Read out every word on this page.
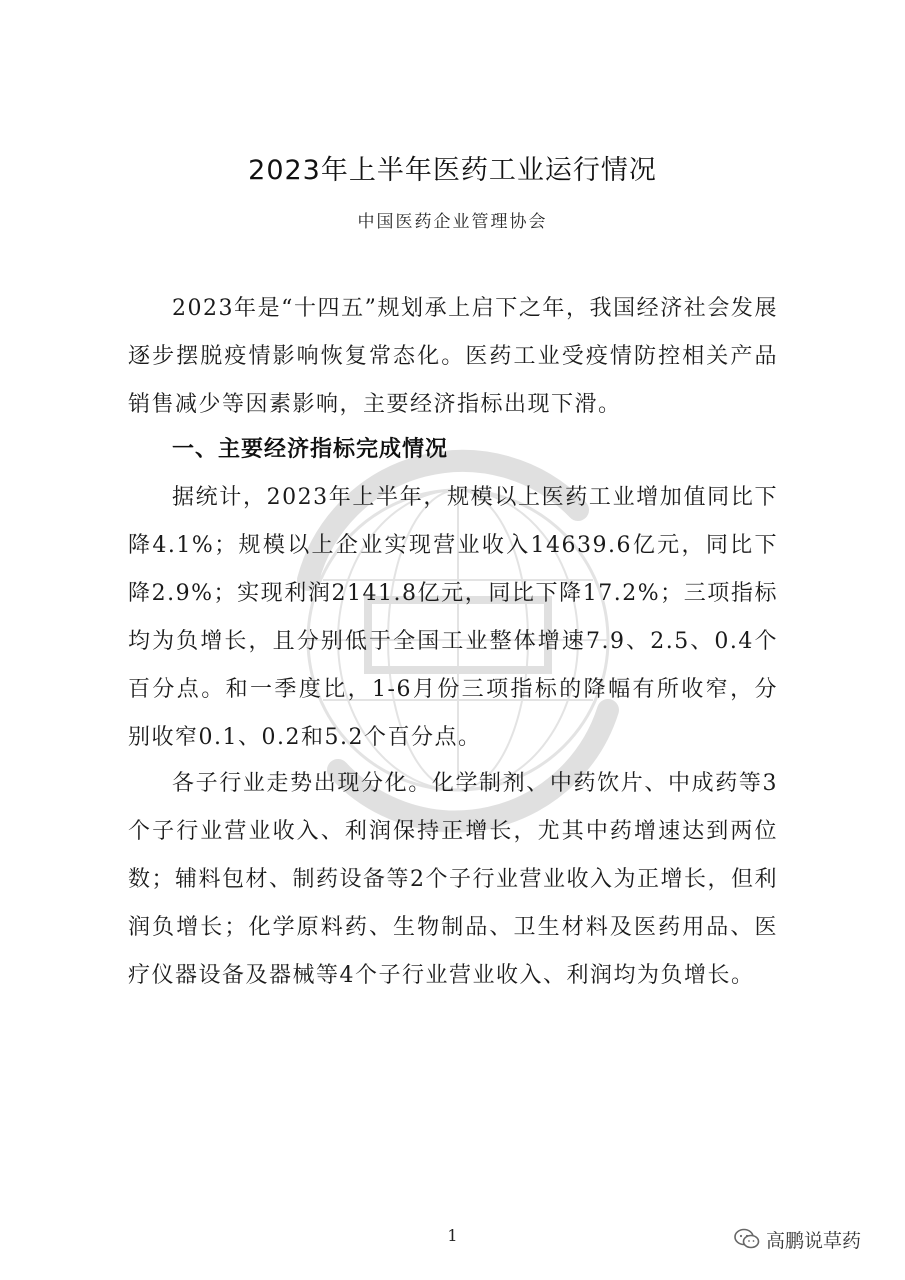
2023年上半年医药工业运行情况

中国医药企业管理协会

2023年是“十四五”规划承上启下之年，我国经济社会发展逐步摆脱疫情影响恢复常态化。医药工业受疫情防控相关产品销售减少等因素影响，主要经济指标出现下滑。

一、主要经济指标完成情况

据统计，2023年上半年，规模以上医药工业增加值同比下降4.1%；规模以上企业实现营业收入14639.6亿元，同比下降2.9%；实现利润2141.8亿元，同比下降17.2%；三项指标均为负增长，且分别低于全国工业整体增速7.9、2.5、0.4个百分点。和一季度比，1-6月份三项指标的降幅有所收窄，分别收窄0.1、0.2和5.2个百分点。

各子行业走势出现分化。化学制剂、中药饮片、中成药等3个子行业营业收入、利润保持正增长，尤其中药增速达到两位数；辅料包材、制药设备等2个子行业营业收入为正增长，但利润负增长；化学原料药、生物制品、卫生材料及医药用品、医疗仪器设备及器械等4个子行业营业收入、利润均为负增长。

1	高鹏说草药
